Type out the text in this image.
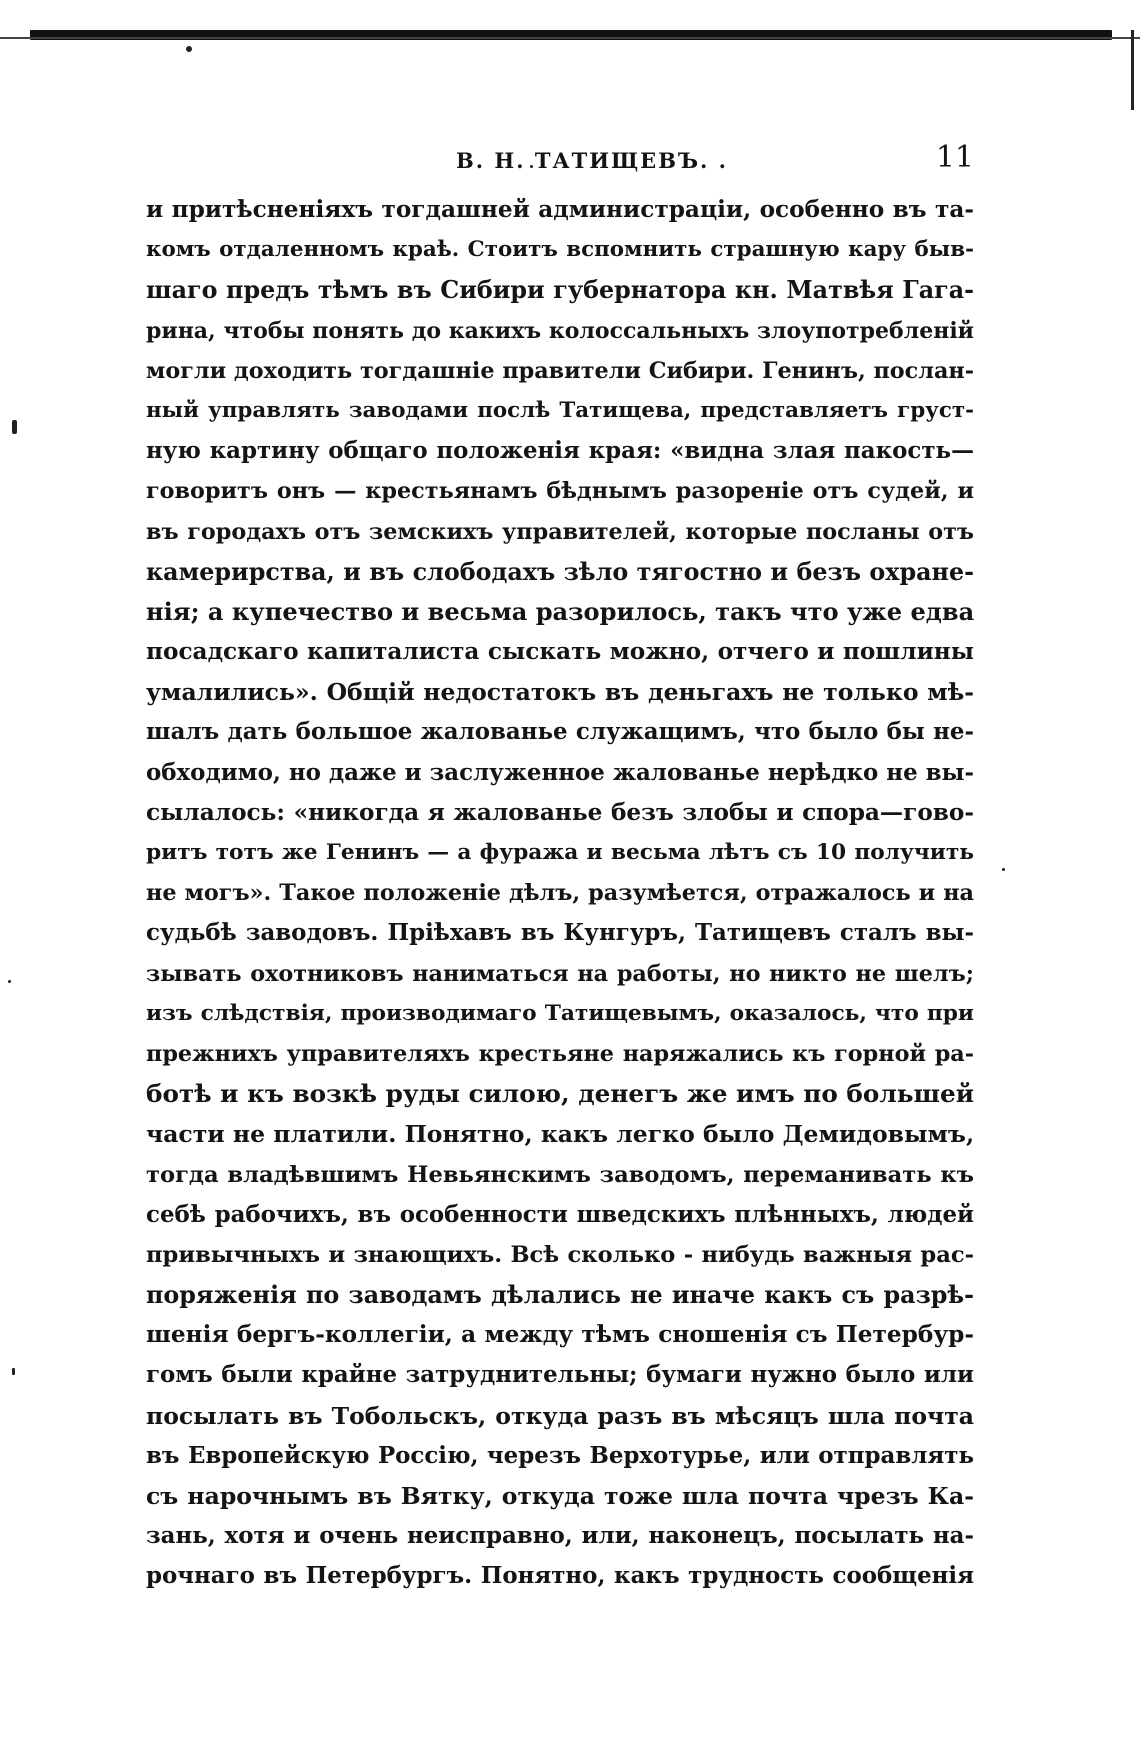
В. Н. ТАТИЩЕВЪ. .	11
и притѣсненіяхъ тогдашней администраціи, особенно въ та-
комъ отдаленномъ краѣ. Стоитъ вспомнить страшную кару быв-
шаго предъ тѣмъ въ Сибири губернатора кн. Матвѣя Гага-
рина, чтобы понять до какихъ колоссальныхъ злоупотребленій
могли доходить тогдашніе правители Сибири. Генинъ, послан-
ный управлять заводами послѣ Татищева, представляетъ груст-
ную картину общаго положенія края: «видна злая пакость—
говоритъ онъ — крестьянамъ бѣднымъ разореніе отъ судей, и
въ городахъ отъ земскихъ управителей, которые посланы отъ
камерирства, и въ слободахъ зѣло тягостно и безъ охране-
нія; а купечество и весьма разорилось, такъ что уже едва
посадскаго капиталиста сыскать можно, отчего и пошлины
умалились». Общій недостатокъ въ деньгахъ не только мѣ-
шалъ дать большое жалованье служащимъ, что было бы не-
обходимо, но даже и заслуженное жалованье нерѣдко не вы-
сылалось: «никогда я жалованье безъ злобы и спора—гово-
ритъ тотъ же Генинъ — а фуража и весьма лѣтъ съ 10 получить
не могъ». Такое положеніе дѣлъ, разумѣется, отражалось и на
судьбѣ заводовъ. Пріѣхавъ въ Кунгуръ, Татищевъ сталъ вы-
зывать охотниковъ наниматься на работы, но никто не шелъ;
изъ слѣдствія, производимаго Татищевымъ, оказалось, что при
прежнихъ управителяхъ крестьяне наряжались къ горной ра-
ботѣ и къ возкѣ руды силою, денегъ же имъ по большей
части не платили. Понятно, какъ легко было Демидовымъ,
тогда владѣвшимъ Невьянскимъ заводомъ, переманивать къ
себѣ рабочихъ, въ особенности шведскихъ плѣнныхъ, людей
привычныхъ и знающихъ. Всѣ сколько - нибудь важныя рас-
поряженія по заводамъ дѣлались не иначе какъ съ разрѣ-
шенія бергъ-коллегіи, а между тѣмъ сношенія съ Петербур-
гомъ были крайне затруднительны; бумаги нужно было или
посылать въ Тобольскъ, откуда разъ въ мѣсяцъ шла почта
въ Европейскую Россію, черезъ Верхотурье, или отправлять
съ нарочнымъ въ Вятку, откуда тоже шла почта чрезъ Ка-
зань, хотя и очень неисправно, или, наконецъ, посылать на-
рочнаго въ Петербургъ. Понятно, какъ трудность сообщенія
